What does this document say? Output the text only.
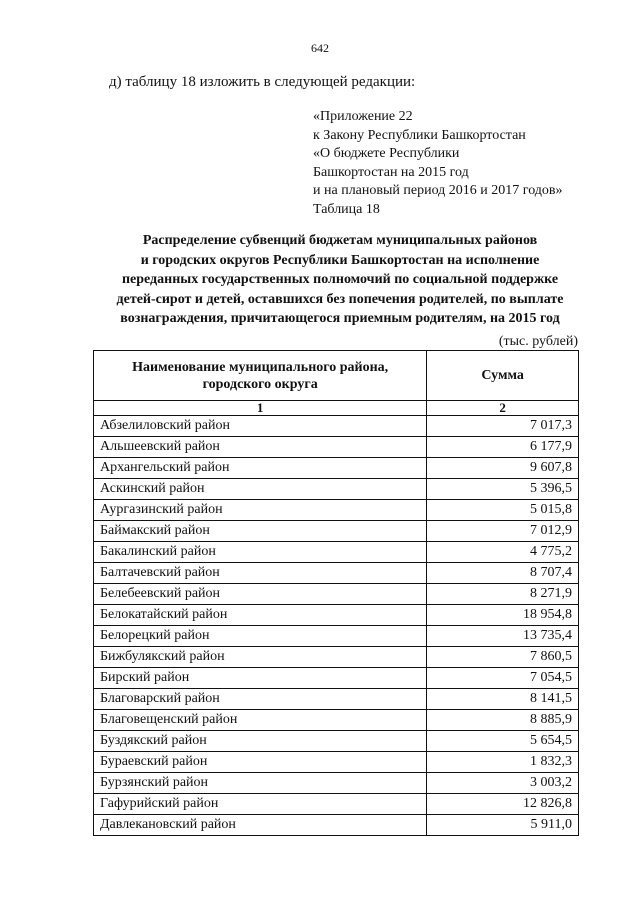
642
д) таблицу 18 изложить в следующей редакции:
«Приложение 22
к Закону Республики Башкортостан
«О бюджете Республики
Башкортостан на 2015 год
и на плановый период 2016 и 2017 годов»
Таблица 18
Распределение субвенций бюджетам муниципальных районов
и городских округов Республики Башкортостан на исполнение
переданных государственных полномочий по социальной поддержке
детей-сирот и детей, оставшихся без попечения родителей, по выплате
вознаграждения, причитающегося приемным родителям, на 2015 год
(тыс. рублей)
Наименование муниципального района,
городского округа	Сумма
1	2
Абзелиловский район	7 017,3
Альшеевский район	6 177,9
Архангельский район	9 607,8
Аскинский район	5 396,5
Аургазинский район	5 015,8
Баймакский район	7 012,9
Бакалинский район	4 775,2
Балтачевский район	8 707,4
Белебеевский район	8 271,9
Белокатайский район	18 954,8
Белорецкий район	13 735,4
Бижбулякский район	7 860,5
Бирский район	7 054,5
Благоварский район	8 141,5
Благовещенский район	8 885,9
Буздякский район	5 654,5
Бураевский район	1 832,3
Бурзянский район	3 003,2
Гафурийский район	12 826,8
Давлекановский район	5 911,0
